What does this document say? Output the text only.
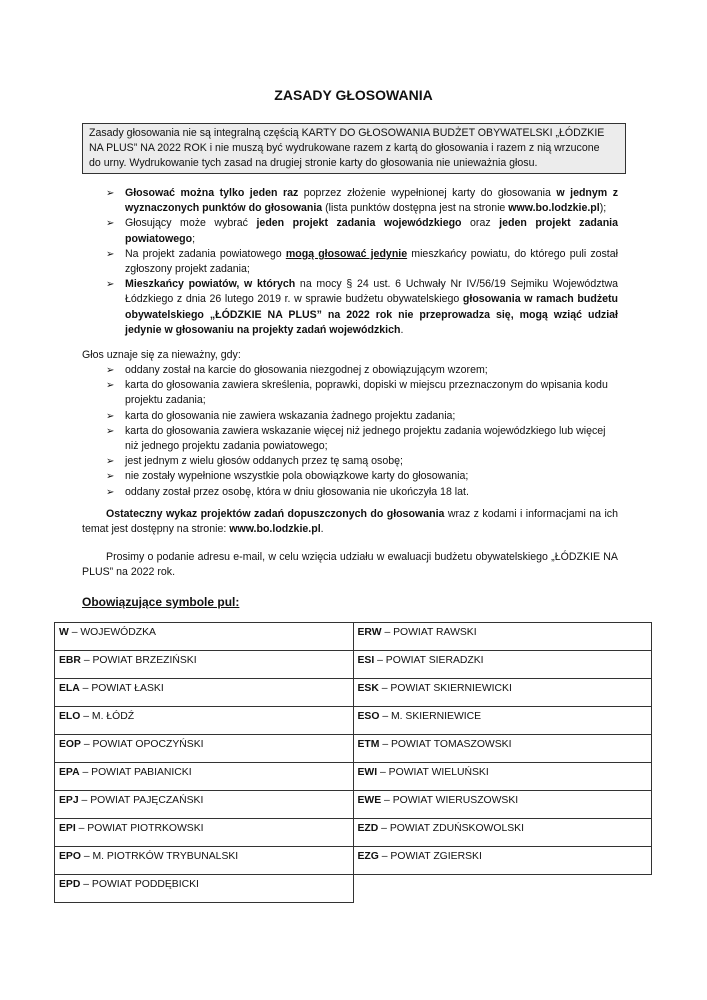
ZASADY GŁOSOWANIA
Zasady głosowania nie są integralną częścią KARTY DO GŁOSOWANIA BUDŻET OBYWATELSKI „ŁÓDZKIE
NA PLUS” NA 2022 ROK i nie muszą być wydrukowane razem z kartą do głosowania i razem z nią wrzucone
do urny. Wydrukowanie tych zasad na drugiej stronie karty do głosowania nie unieważnia głosu.
➢ Głosować można tylko jeden raz poprzez złożenie wypełnionej karty do głosowania w jednym z wyznaczonych punktów do głosowania (lista punktów dostępna jest na stronie www.bo.lodzkie.pl);
➢ Głosujący może wybrać jeden projekt zadania wojewódzkiego oraz jeden projekt zadania powiatowego;
➢ Na projekt zadania powiatowego mogą głosować jedynie mieszkańcy powiatu, do którego puli został zgłoszony projekt zadania;
➢ Mieszkańcy powiatów, w których na mocy § 24 ust. 6 Uchwały Nr IV/56/19 Sejmiku Województwa Łódzkiego z dnia 26 lutego 2019 r. w sprawie budżetu obywatelskiego głosowania w ramach budżetu obywatelskiego „ŁÓDZKIE NA PLUS” na 2022 rok nie przeprowadza się, mogą wziąć udział jedynie w głosowaniu na projekty zadań wojewódzkich.
Głos uznaje się za nieważny, gdy:
➢ oddany został na karcie do głosowania niezgodnej z obowiązującym wzorem;
➢ karta do głosowania zawiera skreślenia, poprawki, dopiski w miejscu przeznaczonym do wpisania kodu projektu zadania;
➢ karta do głosowania nie zawiera wskazania żadnego projektu zadania;
➢ karta do głosowania zawiera wskazanie więcej niż jednego projektu zadania wojewódzkiego lub więcej niż jednego projektu zadania powiatowego;
➢ jest jednym z wielu głosów oddanych przez tę samą osobę;
➢ nie zostały wypełnione wszystkie pola obowiązkowe karty do głosowania;
➢ oddany został przez osobę, która w dniu głosowania nie ukończyła 18 lat.
Ostateczny wykaz projektów zadań dopuszczonych do głosowania wraz z kodami i informacjami na ich temat jest dostępny na stronie: www.bo.lodzkie.pl.
Prosimy o podanie adresu e-mail, w celu wzięcia udziału w ewaluacji budżetu obywatelskiego „ŁÓDZKIE NA PLUS” na 2022 rok.
Obowiązujące symbole pul:
W – WOJEWÓDZKA	ERW – POWIAT RAWSKI
EBR – POWIAT BRZEZIŃSKI	ESI – POWIAT SIERADZKI
ELA – POWIAT ŁASKI	ESK – POWIAT SKIERNIEWICKI
ELO – M. ŁÓDŹ	ESO – M. SKIERNIEWICE
EOP – POWIAT OPOCZYŃSKI	ETM – POWIAT TOMASZOWSKI
EPA – POWIAT PABIANICKI	EWI – POWIAT WIELUŃSKI
EPJ – POWIAT PAJĘCZAŃSKI	EWE – POWIAT WIERUSZOWSKI
EPI – POWIAT PIOTRKOWSKI	EZD – POWIAT ZDUŃSKOWOLSKI
EPO – M. PIOTRKÓW TRYBUNALSKI	EZG – POWIAT ZGIERSKI
EPD – POWIAT PODDĘBICKI	
